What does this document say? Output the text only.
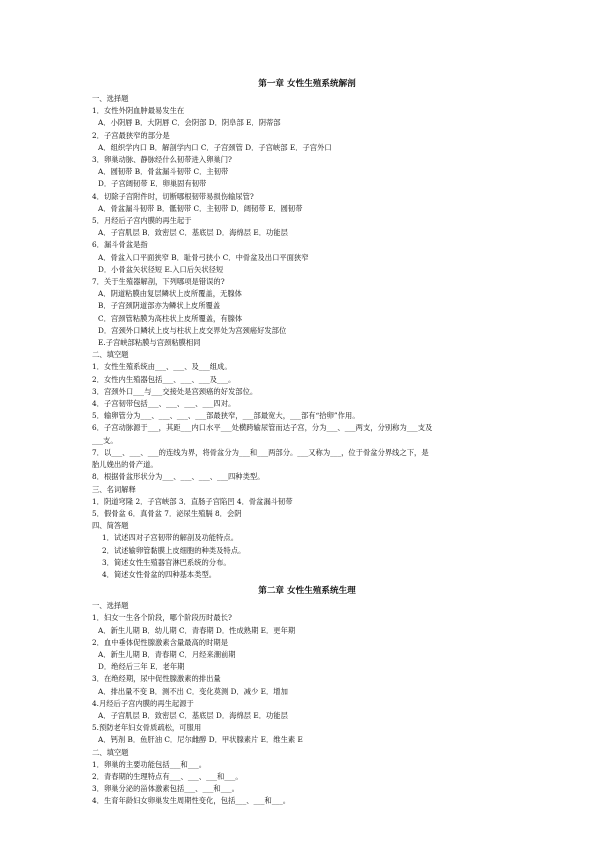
第一章 女性生殖系统解剖
一、选择题
1．女性外阴血肿最易发生在
A．小阴唇 B．大阴唇 C．会阴部 D．阴阜部 E．阴蒂部
2．子宫最狭窄的部分是
A．组织学内口 B．解剖学内口 C．子宫颈管 D．子宫峡部 E．子宫外口
3．卵巢动脉、静脉经什么韧带进入卵巢门?
A．圆韧带 B．骨盆漏斗韧带 C．主韧带
D．子宫阔韧带 E．卵巢固有韧带
4．切除子宫附件时，切断哪根韧带易损伤输尿管?
A．骨盆漏斗韧带 B．骶韧带 C．主韧带 D．阔韧带 E．圆韧带
5．月经后子宫内膜的再生起于
A．子宫肌层 B．致密层 C．基底层 D．海绵层 E．功能层
6．漏斗骨盆是指
A．骨盆入口平面狭窄 B．耻骨弓狭小 C．中骨盆及出口平面狭窄
D．小骨盆矢状径短 E.入口后矢状径短
7．关于生殖器解剖，下列哪项是错误的?
A．阴道粘膜由复层鳞状上皮所覆盖，无腺体
B．子宫颈阴道部亦为鳞状上皮所覆盖
C．宫颈管粘膜为高柱状上皮所覆盖，有腺体
D．宫颈外口鳞状上皮与柱状上皮交界处为宫颈癌好发部位
E.子宫峡部粘膜与宫颈粘膜相同
二、填空题
1．女性生殖系统由___、___、及___组成。
2．女性内生殖器包括___、___、___及___。
3．宫颈外口___与___交接处是宫颈癌的好发部位。
4．子宫韧带包括___、___、___、___四对。
5．输卵管分为___、___、___、___部最狭窄，___部最宽大，___部有“拾卵”作用。
6．子宫动脉源于___，其距___内口水平___处横跨输尿管而达子宫，分为___、___两支，分别称为___支及
___支。
7．以___、___、___的连线为界，将骨盆分为___和___两部分。___又称为___，位于骨盆分界线之下，是
胎儿娩出的骨产道。
8．根据骨盆形状分为___、___、___、___四种类型。
三、名词解释
1．阴道穹隆 2．子宫峡部 3．直肠子宫陷凹 4．骨盆漏斗韧带
5．假骨盆 6．真骨盆 7．泌尿生殖膈 8．会阴
四、简答题
1．试述四对子宫韧带的解剖及功能特点。
2．试述输卵管黏膜上皮细胞的种类及特点。
3．简述女性生殖器官淋巴系统的分布。
4．简述女性骨盆的四种基本类型。
第二章 女性生殖系统生理
一、选择题
1．妇女一生各个阶段，哪个阶段历时最长?
A．新生儿期 B．幼儿期 C．青春期 D．性成熟期 E．更年期
2．血中垂体促性腺激素含量最高的时期是
A．新生儿期 B．青春期 C．月经来潮前期
D．绝经后三年 E．老年期
3．在绝经期，尿中促性腺激素的排出量
A．排出量不变 B．测不出 C．变化莫测 D．减少 E．增加
4.月经后子宫内膜的再生起源于
A．子宫肌层 B．致密层 C．基底层 D．海绵层 E．功能层
5.预防老年妇女骨质疏松，可服用
A．钙剂 B．鱼肝油 C．尼尔雌醇 D．甲状腺素片 E．维生素 E
二、填空题
1．卵巢的主要功能包括___和___。
2．青春期的生理特点有___、___、___和___。
3．卵巢分泌的甾体激素包括___、___和___。
4．生育年龄妇女卵巢发生周期性变化，包括___、___和___。
